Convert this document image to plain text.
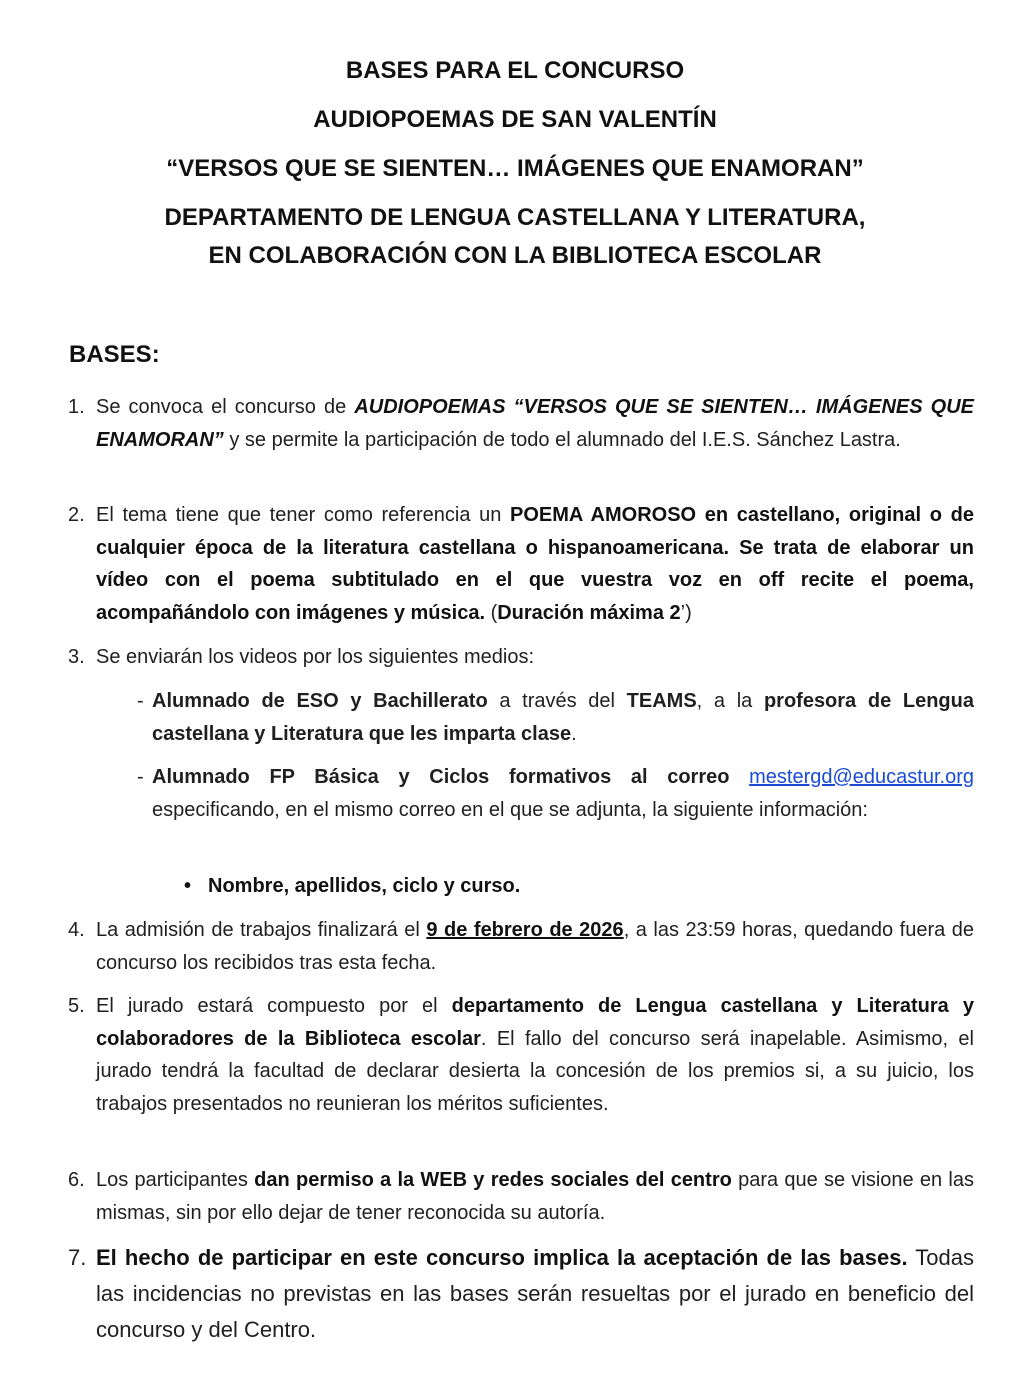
BASES PARA EL CONCURSO
AUDIOPOEMAS DE SAN VALENTÍN
“VERSOS QUE SE SIENTEN… IMÁGENES QUE ENAMORAN”
DEPARTAMENTO DE LENGUA CASTELLANA Y LITERATURA,
EN COLABORACIÓN CON LA BIBLIOTECA ESCOLAR
BASES:
1. Se convoca el concurso de AUDIOPOEMAS “VERSOS QUE SE SIENTEN… IMÁGENES QUE ENAMORAN” y se permite la participación de todo el alumnado del I.E.S. Sánchez Lastra.
2. El tema tiene que tener como referencia un POEMA AMOROSO en castellano, original o de cualquier época de la literatura castellana o hispanoamericana. Se trata de elaborar un vídeo con el poema subtitulado en el que vuestra voz en off recite el poema, acompañándolo con imágenes y música. (Duración máxima 2’)
3. Se enviarán los videos por los siguientes medios:
- Alumnado de ESO y Bachillerato a través del TEAMS, a la profesora de Lengua castellana y Literatura que les imparta clase.
- Alumnado FP Básica y Ciclos formativos al correo mestergd@educastur.org especificando, en el mismo correo en el que se adjunta, la siguiente información:
• Nombre, apellidos, ciclo y curso.
4. La admisión de trabajos finalizará el 9 de febrero de 2026, a las 23:59 horas, quedando fuera de concurso los recibidos tras esta fecha.
5. El jurado estará compuesto por el departamento de Lengua castellana y Literatura y colaboradores de la Biblioteca escolar. El fallo del concurso será inapelable. Asimismo, el jurado tendrá la facultad de declarar desierta la concesión de los premios si, a su juicio, los trabajos presentados no reunieran los méritos suficientes.
6. Los participantes dan permiso a la WEB y redes sociales del centro para que se visione en las mismas, sin por ello dejar de tener reconocida su autoría.
7. El hecho de participar en este concurso implica la aceptación de las bases. Todas las incidencias no previstas en las bases serán resueltas por el jurado en beneficio del concurso y del Centro.
